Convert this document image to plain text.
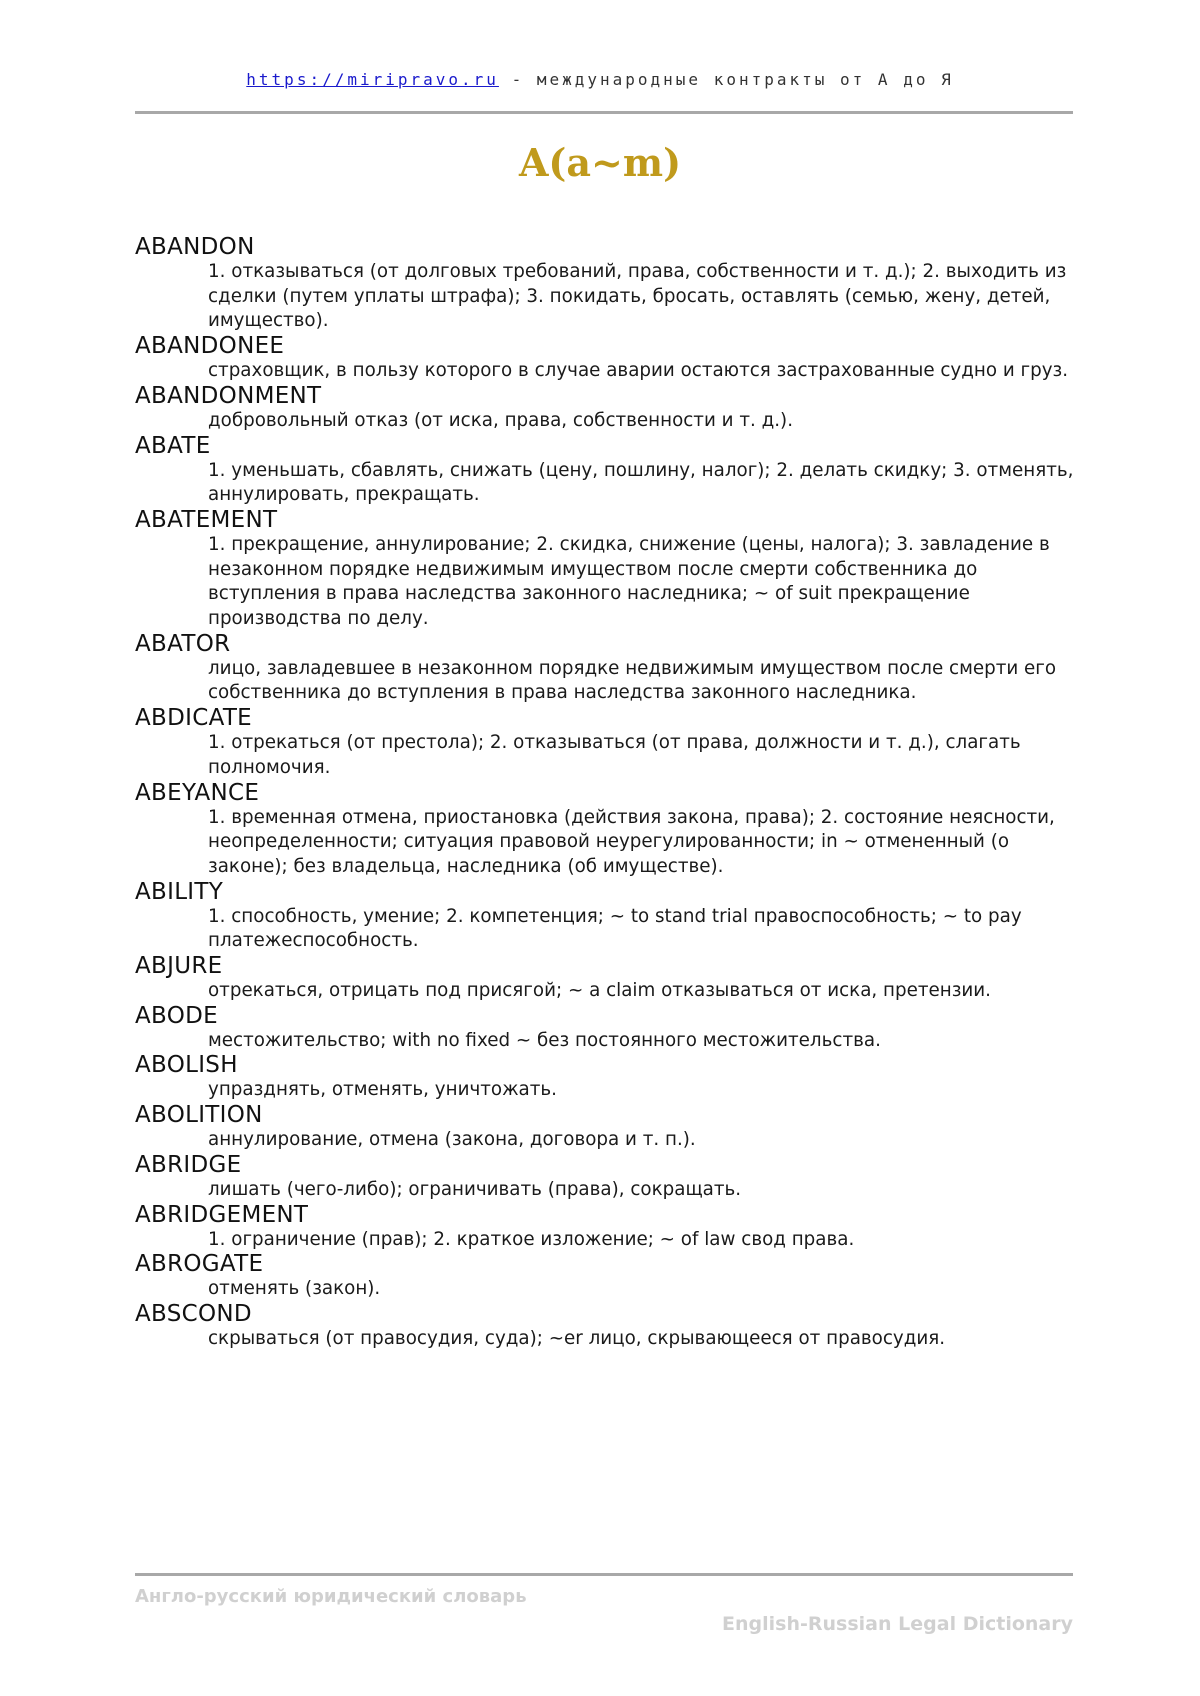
https://miripravo.ru - международные контракты от А до Я
A(a~m)
ABANDON
1. отказываться (от долговых требований, права, собственности и т. д.); 2. выходить из сделки (путем уплаты штрафа); 3. покидать, бросать, оставлять (семью, жену, детей, имущество).
ABANDONEE
страховщик, в пользу которого в случае аварии остаются застрахованные судно и груз.
ABANDONMENT
добровольный отказ (от иска, права, собственности и т. д.).
ABATE
1. уменьшать, сбавлять, снижать (цену, пошлину, налог); 2. делать скидку; 3. отменять, аннулировать, прекращать.
ABATEMENT
1. прекращение, аннулирование; 2. скидка, снижение (цены, налога); 3. завладение в незаконном порядке недвижимым имуществом после смерти собственника до вступления в права наследства законного наследника; ~ of suit прекращение производства по делу.
ABATOR
лицо, завладевшее в незаконном порядке недвижимым имуществом после смерти его собственника до вступления в права наследства законного наследника.
ABDICATE
1. отрекаться (от престола); 2. отказываться (от права, должности и т. д.), слагать полномочия.
ABEYANCE
1. временная отмена, приостановка (действия закона, права); 2. состояние неясности, неопределенности; ситуация правовой неурегулированности; in ~ отмененный (о законе); без владельца, наследника (об имуществе).
ABILITY
1. способность, умение; 2. компетенция; ~ to stand trial правоспособность; ~ to pay платежеспособность.
ABJURE
отрекаться, отрицать под присягой; ~ a claim отказываться от иска, претензии.
ABODE
местожительство; with no fixed ~ без постоянного местожительства.
ABOLISH
упразднять, отменять, уничтожать.
ABOLITION
аннулирование, отмена (закона, договора и т. п.).
ABRIDGE
лишать (чего-либо); ограничивать (права), сокращать.
ABRIDGEMENT
1. ограничение (прав); 2. краткое изложение; ~ of law свод права.
ABROGATE
отменять (закон).
ABSCOND
скрываться (от правосудия, суда); ~er лицо, скрывающееся от правосудия.
Англо-русский юридический словарь
English-Russian Legal Dictionary
